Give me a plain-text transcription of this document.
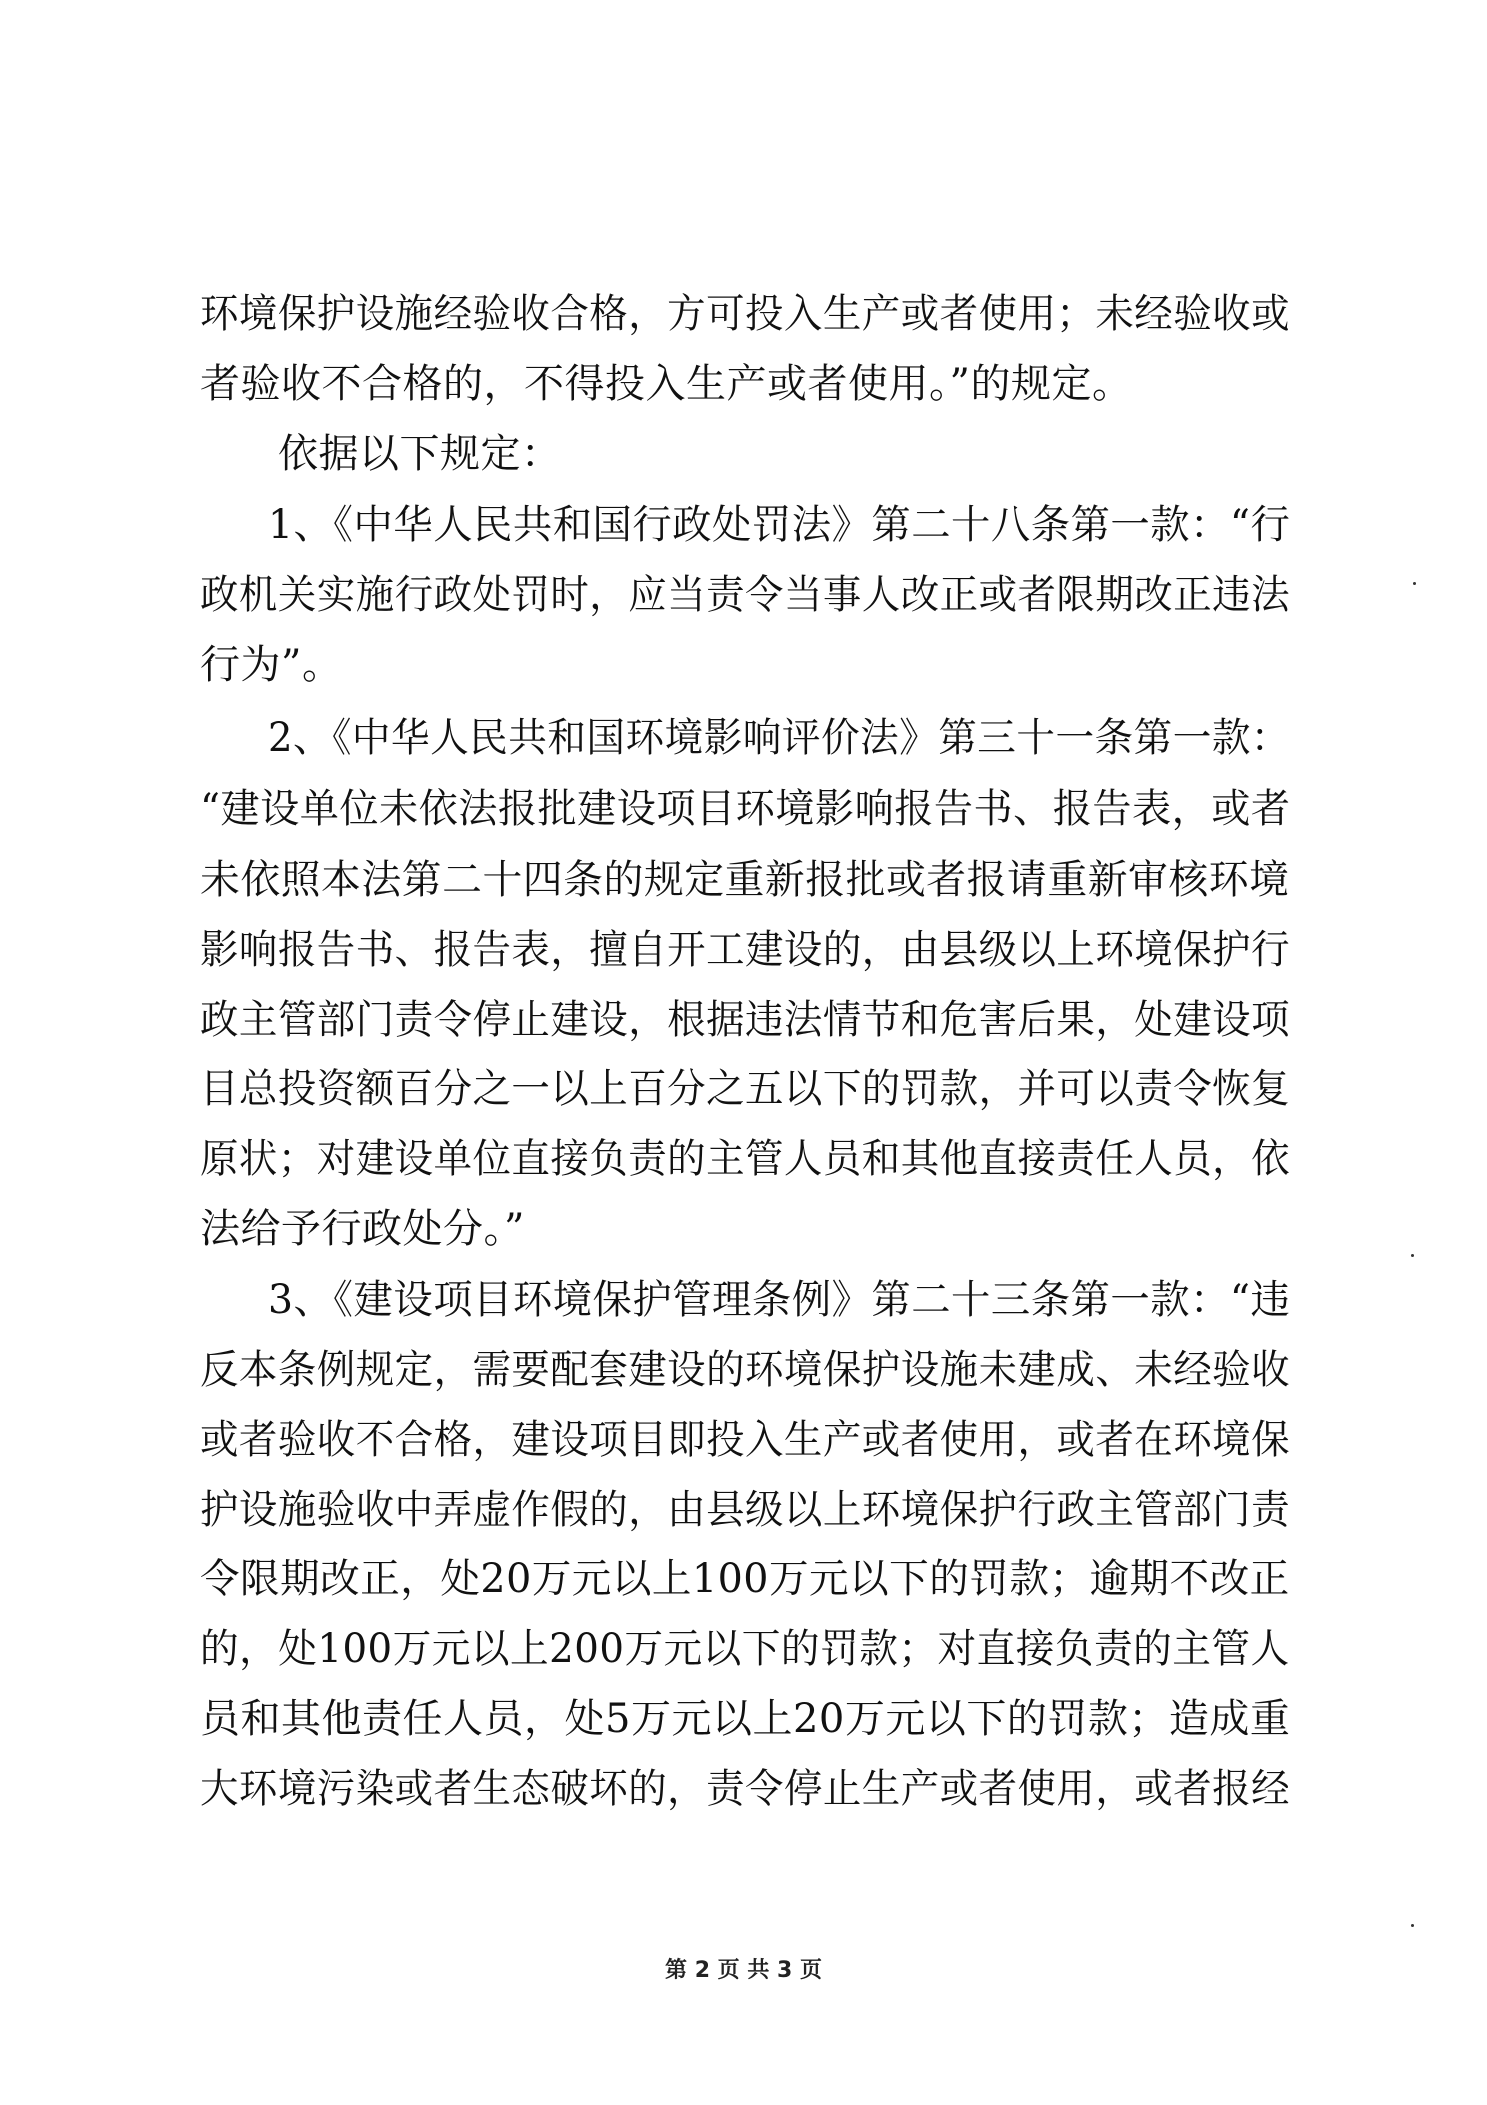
环境保护设施经验收合格，方可投入生产或者使用；未经验收或
者验收不合格的，不得投入生产或者使用。”的规定。
依据以下规定：
1、《中华人民共和国行政处罚法》第二十八条第一款：“行
政机关实施行政处罚时，应当责令当事人改正或者限期改正违法
行为”。
2、《中华人民共和国环境影响评价法》第三十一条第一款：
“建设单位未依法报批建设项目环境影响报告书、报告表，或者
未依照本法第二十四条的规定重新报批或者报请重新审核环境
影响报告书、报告表，擅自开工建设的，由县级以上环境保护行
政主管部门责令停止建设，根据违法情节和危害后果，处建设项
目总投资额百分之一以上百分之五以下的罚款，并可以责令恢复
原状；对建设单位直接负责的主管人员和其他直接责任人员，依
法给予行政处分。”
3、《建设项目环境保护管理条例》第二十三条第一款：“违
反本条例规定，需要配套建设的环境保护设施未建成、未经验收
或者验收不合格，建设项目即投入生产或者使用，或者在环境保
护设施验收中弄虚作假的，由县级以上环境保护行政主管部门责
令限期改正，处20万元以上100万元以下的罚款；逾期不改正
的，处100万元以上200万元以下的罚款；对直接负责的主管人
员和其他责任人员，处5万元以上20万元以下的罚款；造成重
大环境污染或者生态破坏的，责令停止生产或者使用，或者报经
第 2 页 共 3 页
